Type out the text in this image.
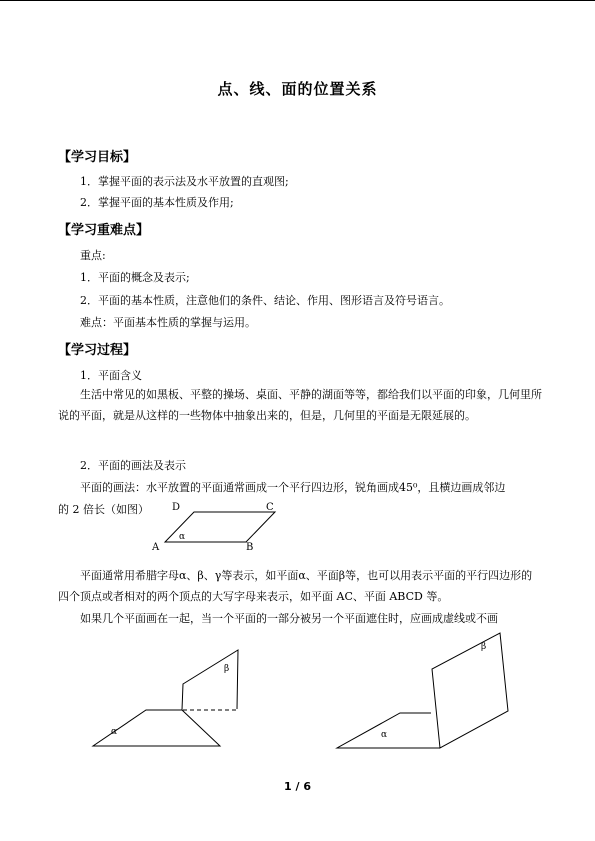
点、线、面的位置关系
【学习目标】
1．掌握平面的表示法及水平放置的直观图;
2．掌握平面的基本性质及作用;
【学习重难点】
重点:
1．平面的概念及表示;
2．平面的基本性质，注意他们的条件、结论、作用、图形语言及符号语言。
难点：平面基本性质的掌握与运用。
【学习过程】
1．平面含义
生活中常见的如黑板、平整的操场、桌面、平静的湖面等等，都给我们以平面的印象，几何里所说的平面，就是从这样的一些物体中抽象出来的，但是，几何里的平面是无限延展的。
2．平面的画法及表示
平面的画法：水平放置的平面通常画成一个平行四边形，锐角画成45⁰，且横边画成邻边
的 2 倍长（如图）
A	B
C
D
α
平面通常用希腊字母α、β、γ等表示，如平面α、平面β等，也可以用表示平面的平行四边形的四个顶点或者相对的两个顶点的大写字母来表示，如平面 AC、平面 ABCD 等。
如果几个平面画在一起，当一个平面的一部分被另一个平面遮住时，应画成虚线或不画
α
β
α
β
1 / 6
